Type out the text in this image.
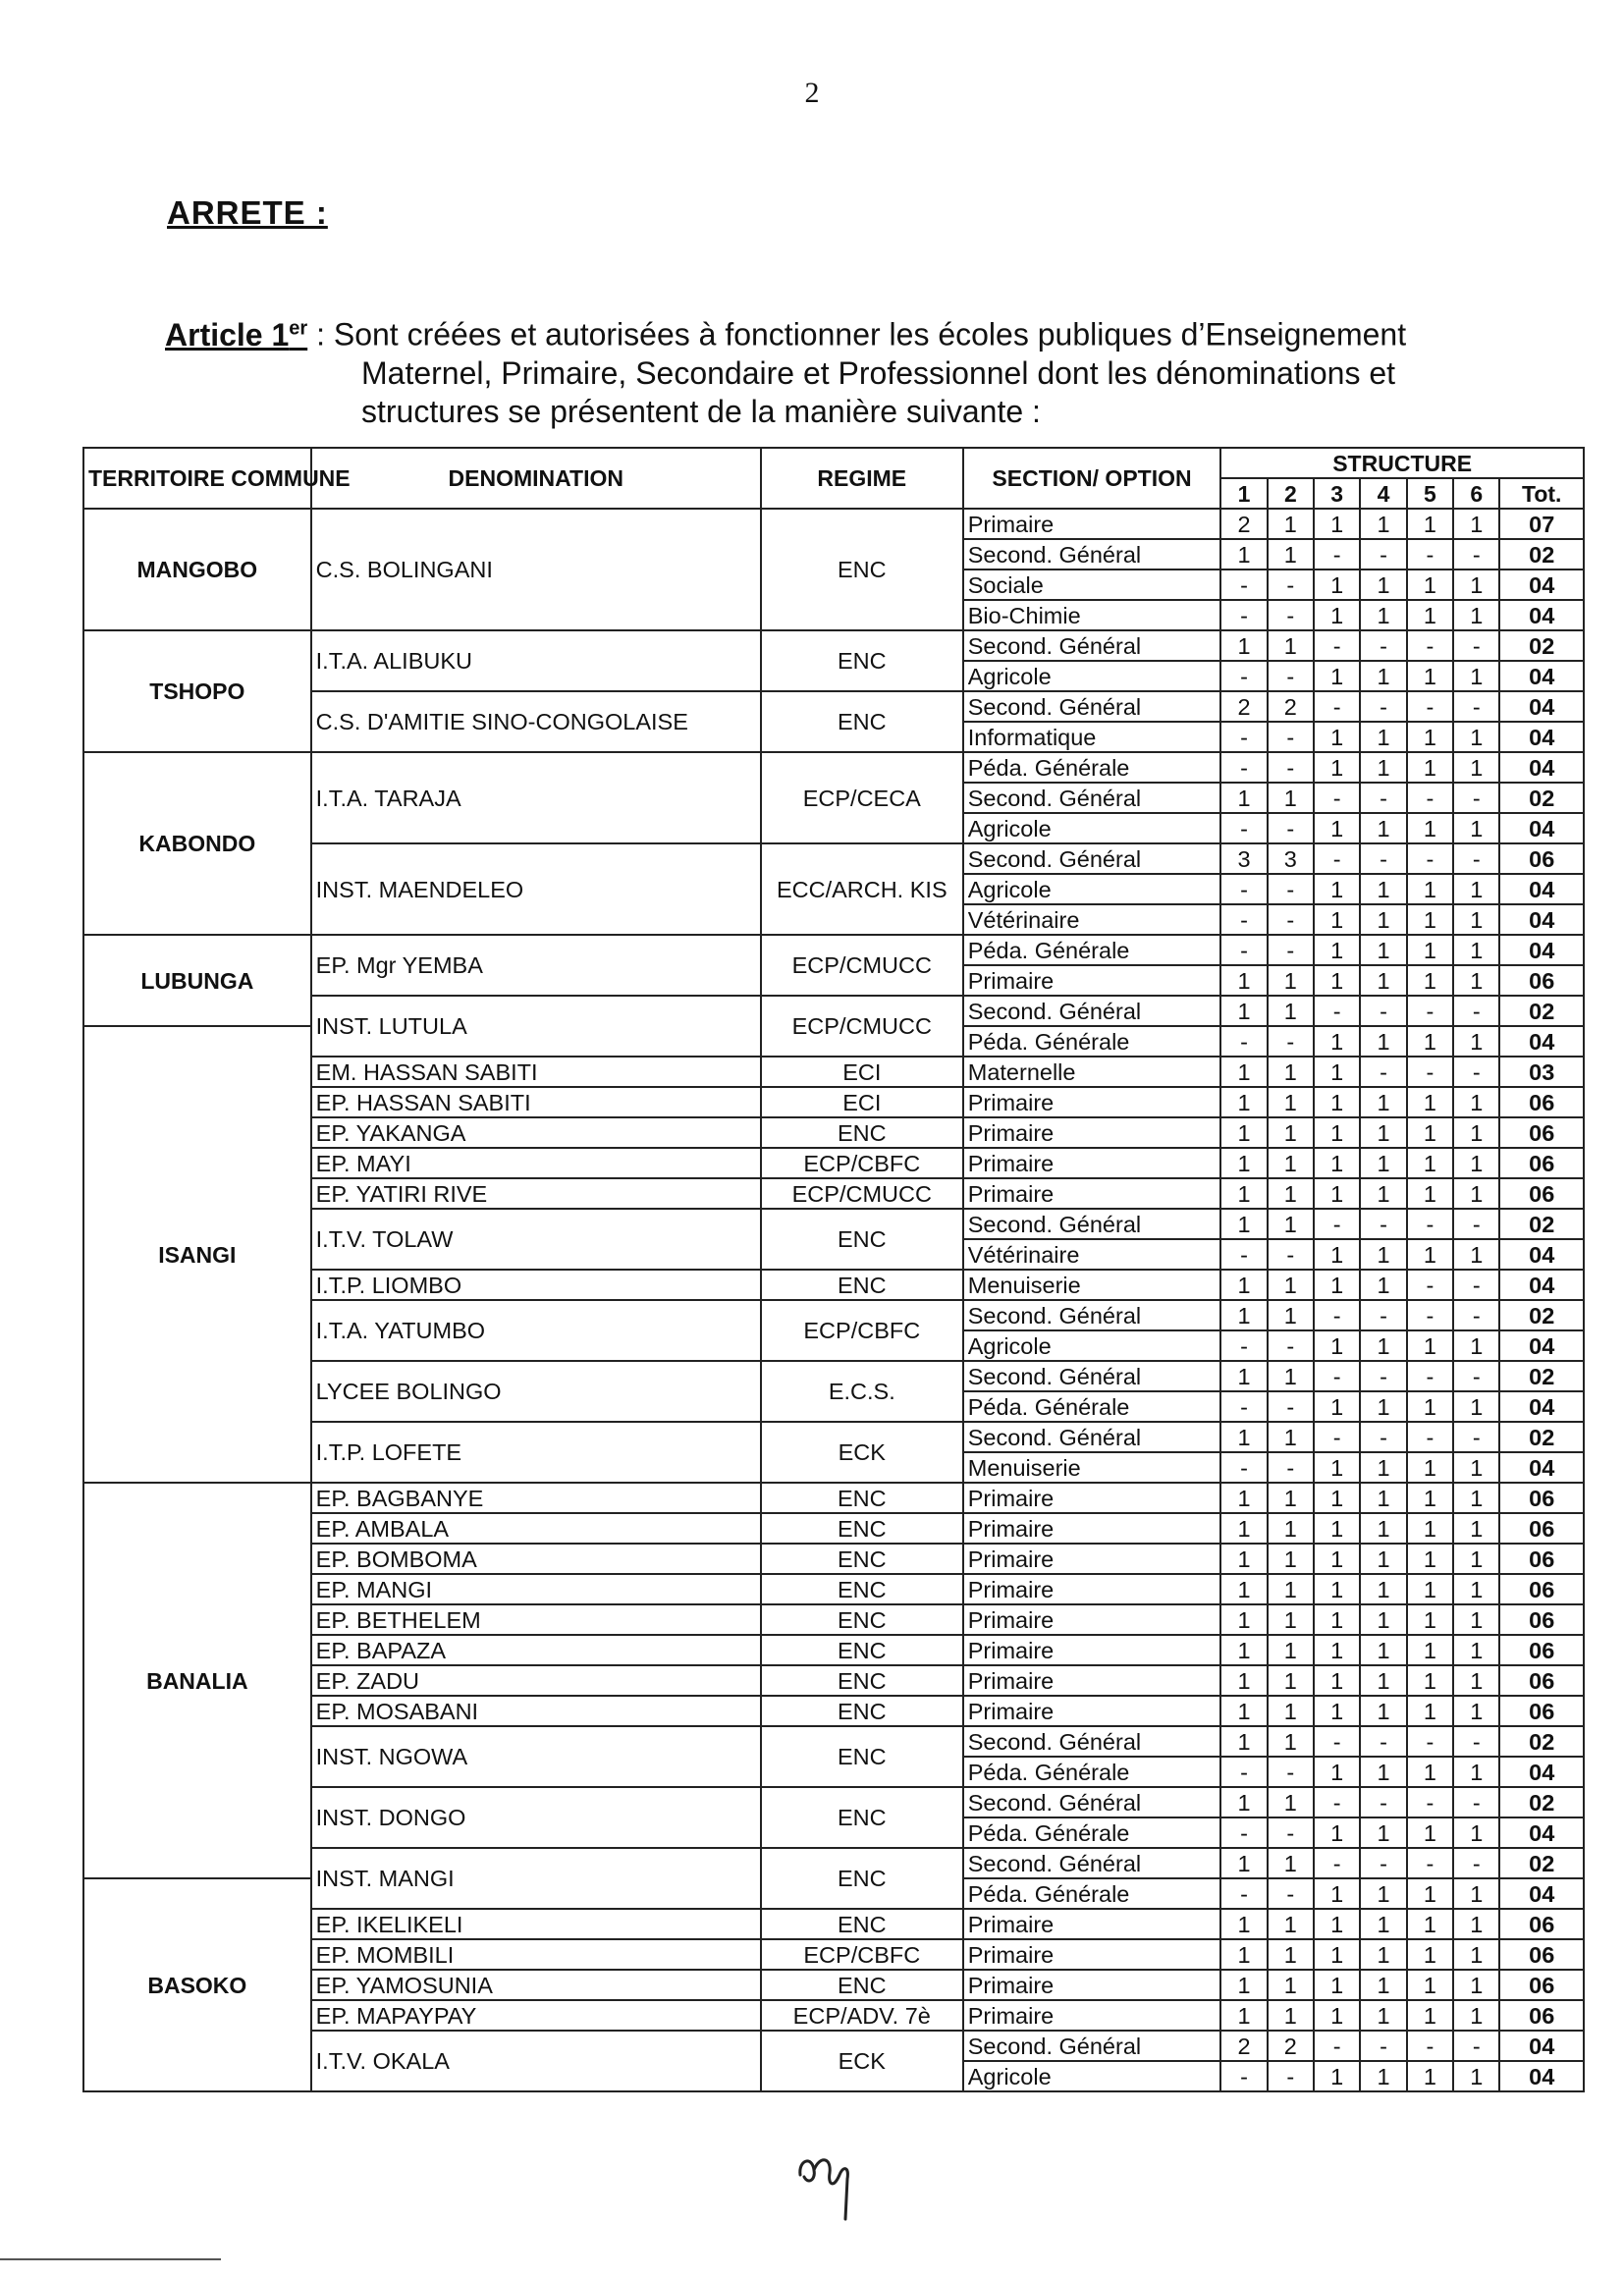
2
ARRETE :
Article 1er : Sont créées et autorisées à fonctionner les écoles publiques d’Enseignement
Maternel, Primaire, Secondaire et Professionnel dont les dénominations et structures se présentent de la manière suivante :
TERRITOIRE COMMUNE	DENOMINATION	REGIME	SECTION/ OPTION	STRUCTURE						
				1	2	3	4	5	6	Tot.
MANGOBO	C.S. BOLINGANI	ENC	Primaire	2	1	1	1	1	1	07
			Second. Général	1	1	-	-	-	-	02
			Sociale	-	-	1	1	1	1	04
			Bio-Chimie	-	-	1	1	1	1	04
TSHOPO	I.T.A. ALIBUKU	ENC	Second. Général	1	1	-	-	-	-	02
			Agricole	-	-	1	1	1	1	04
	C.S. D'AMITIE SINO-CONGOLAISE	ENC	Second. Général	2	2	-	-	-	-	04
			Informatique	-	-	1	1	1	1	04
KABONDO	I.T.A. TARAJA	ECP/CECA	Péda. Générale	-	-	1	1	1	1	04
			Second. Général	1	1	-	-	-	-	02
			Agricole	-	-	1	1	1	1	04
	INST. MAENDELEO	ECC/ARCH. KIS	Second. Général	3	3	-	-	-	-	06
			Agricole	-	-	1	1	1	1	04
			Vétérinaire	-	-	1	1	1	1	04
LUBUNGA	EP. Mgr YEMBA	ECP/CMUCC	Péda. Générale	-	-	1	1	1	1	04
			Primaire	1	1	1	1	1	1	06
	INST. LUTULA	ECP/CMUCC	Second. Général	1	1	-	-	-	-	02
ISANGI			Péda. Générale	-	-	1	1	1	1	04
	EM. HASSAN SABITI	ECI	Maternelle	1	1	1	-	-	-	03
	EP. HASSAN SABITI	ECI	Primaire	1	1	1	1	1	1	06
	EP. YAKANGA	ENC	Primaire	1	1	1	1	1	1	06
	EP. MAYI	ECP/CBFC	Primaire	1	1	1	1	1	1	06
	EP. YATIRI RIVE	ECP/CMUCC	Primaire	1	1	1	1	1	1	06
	I.T.V. TOLAW	ENC	Second. Général	1	1	-	-	-	-	02
			Vétérinaire	-	-	1	1	1	1	04
	I.T.P. LIOMBO	ENC	Menuiserie	1	1	1	1	-	-	04
	I.T.A. YATUMBO	ECP/CBFC	Second. Général	1	1	-	-	-	-	02
			Agricole	-	-	1	1	1	1	04
	LYCEE BOLINGO	E.C.S.	Second. Général	1	1	-	-	-	-	02
			Péda. Générale	-	-	1	1	1	1	04
	I.T.P. LOFETE	ECK	Second. Général	1	1	-	-	-	-	02
			Menuiserie	-	-	1	1	1	1	04
BANALIA	EP. BAGBANYE	ENC	Primaire	1	1	1	1	1	1	06
	EP. AMBALA	ENC	Primaire	1	1	1	1	1	1	06
	EP. BOMBOMA	ENC	Primaire	1	1	1	1	1	1	06
	EP. MANGI	ENC	Primaire	1	1	1	1	1	1	06
	EP. BETHELEM	ENC	Primaire	1	1	1	1	1	1	06
	EP. BAPAZA	ENC	Primaire	1	1	1	1	1	1	06
	EP. ZADU	ENC	Primaire	1	1	1	1	1	1	06
	EP. MOSABANI	ENC	Primaire	1	1	1	1	1	1	06
	INST. NGOWA	ENC	Second. Général	1	1	-	-	-	-	02
			Péda. Générale	-	-	1	1	1	1	04
	INST. DONGO	ENC	Second. Général	1	1	-	-	-	-	02
			Péda. Générale	-	-	1	1	1	1	04
	INST. MANGI	ENC	Second. Général	1	1	-	-	-	-	02
BASOKO			Péda. Générale	-	-	1	1	1	1	04
	EP. IKELIKELI	ENC	Primaire	1	1	1	1	1	1	06
	EP. MOMBILI	ECP/CBFC	Primaire	1	1	1	1	1	1	06
	EP. YAMOSUNIA	ENC	Primaire	1	1	1	1	1	1	06
	EP. MAPAYPAY	ECP/ADV. 7è	Primaire	1	1	1	1	1	1	06
	I.T.V. OKALA	ECK	Second. Général	2	2	-	-	-	-	04
			Agricole	-	-	1	1	1	1	04
